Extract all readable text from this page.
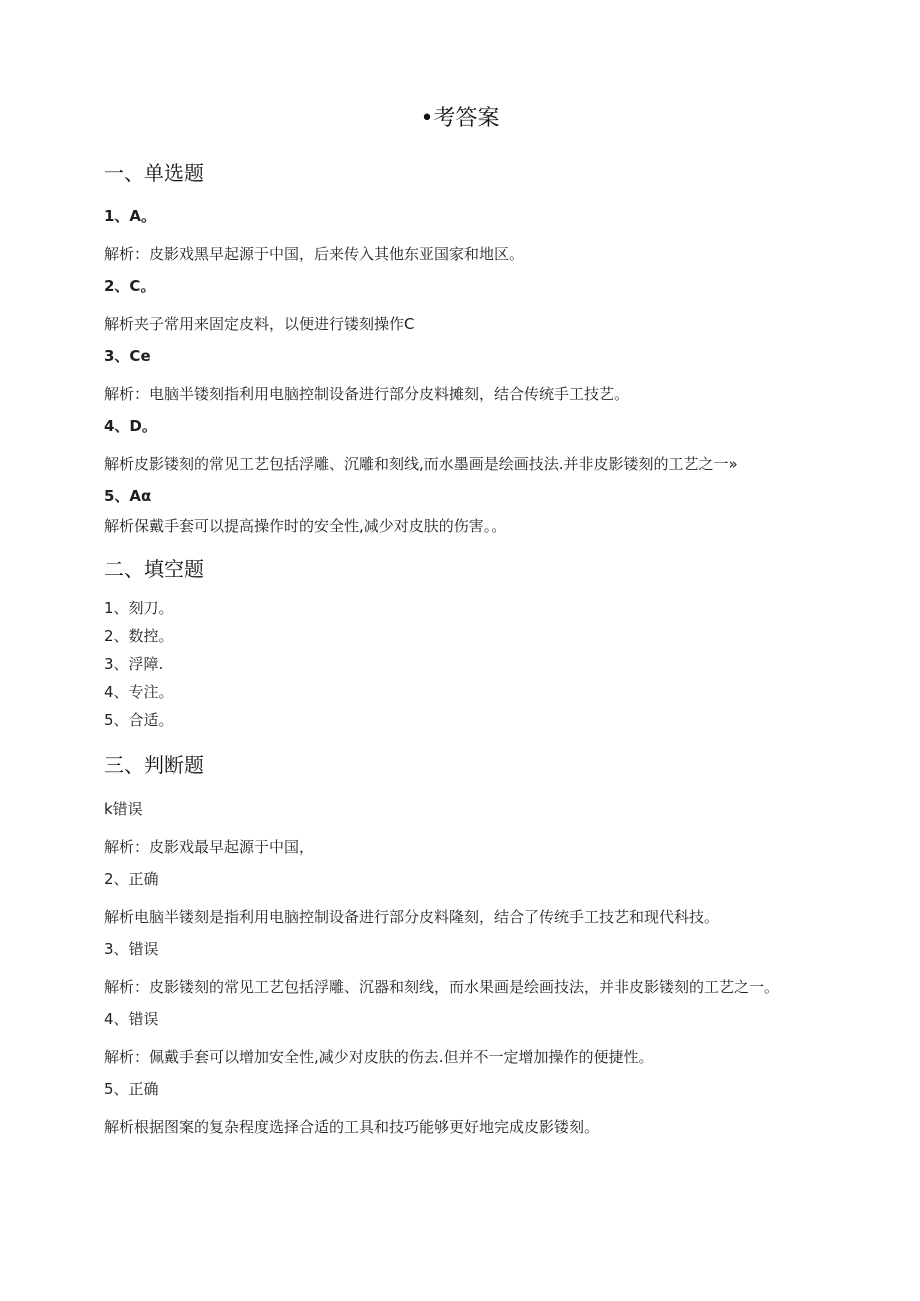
•考答案
一、单选题
1、A。
解析：皮影戏黑早起源于中国，后来传入其他东亚国家和地区。
2、C。
解析夹子常用来固定皮料，以便进行镂刻操作C
3、Ce
解析：电脑半镂刻指利用电脑控制设备进行部分皮料摊刻，结合传统手工技艺。
4、D。
解析皮影镂刻的常见工艺包括浮雕、沉雕和刻线,而水墨画是绘画技法.并非皮影镂刻的工艺之一»
5、Aα
解析保戴手套可以提高操作时的安全性,减少对皮肤的伤害。。
二、填空题
1、刻刀。
2、数控。
3、浮障.
4、专注。
5、合适。
三、判断题
k错误
解析：皮影戏最早起源于中国，
2、正确
解析电脑半镂刻是指利用电脑控制设备进行部分皮料隆刻，结合了传统手工技艺和现代科技。
3、错误
解析：皮影镂刻的常见工艺包括浮雕、沉器和刻线，而水果画是绘画技法，并非皮影镂刻的工艺之一。
4、错误
解析：佩戴手套可以增加安全性,减少对皮肤的伤去.但并不一定增加操作的便捷性。
5、正确
解析根据图案的复杂程度选择合适的工具和技巧能够更好地完成皮影镂刻。
